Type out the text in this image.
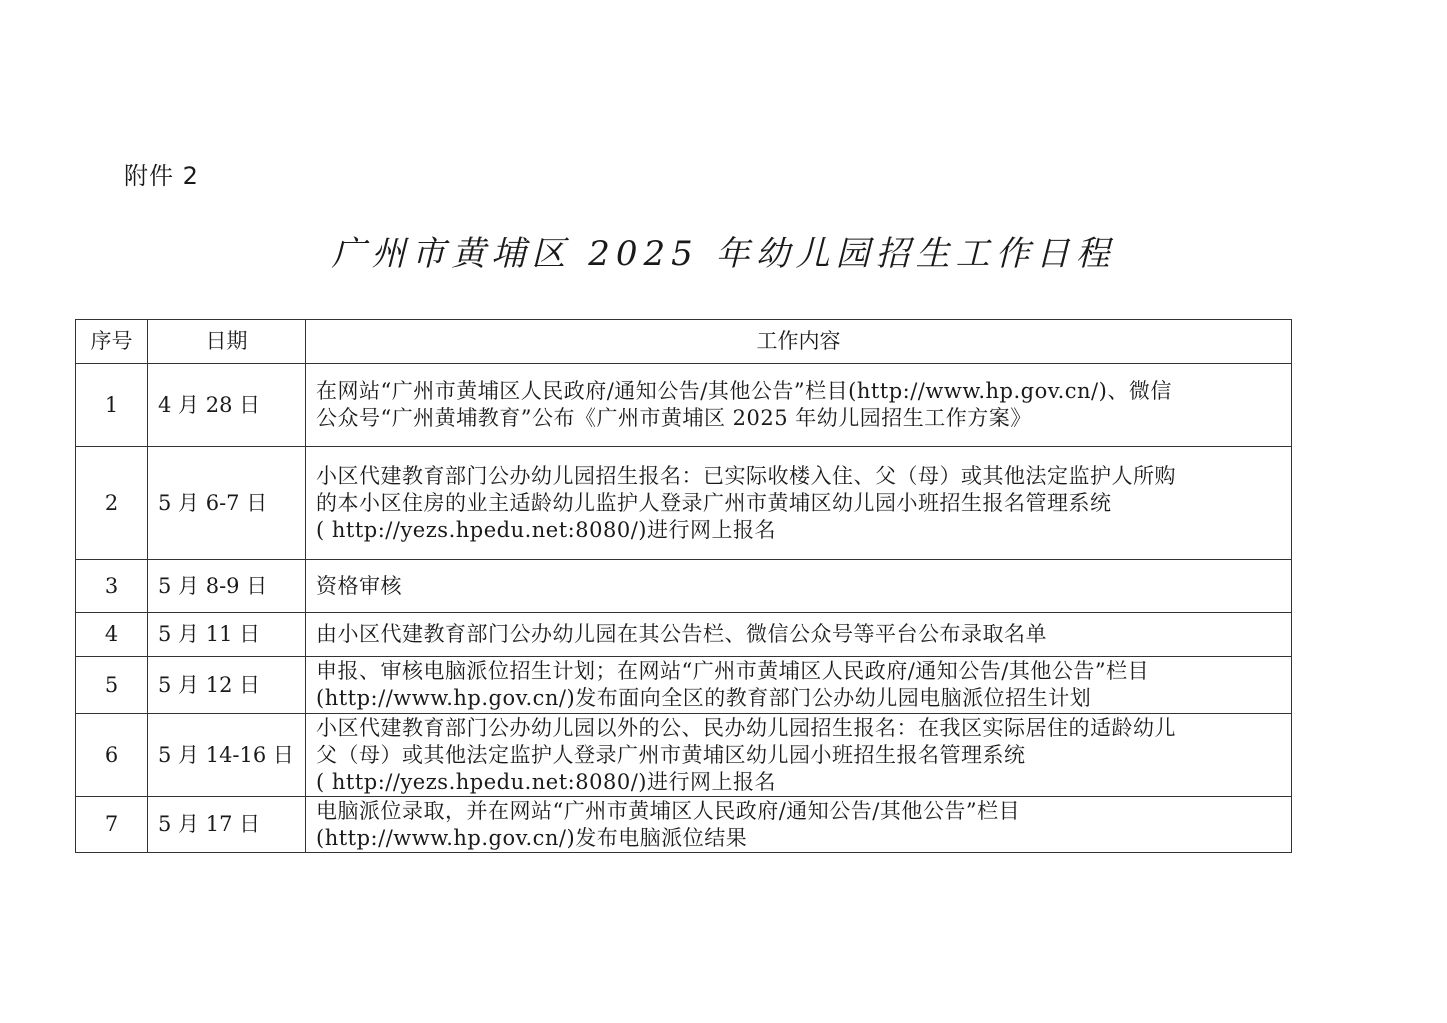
附件 2
广州市黄埔区 2025 年幼儿园招生工作日程
序号	日期	工作内容
1	4 月 28 日	在网站“广州市黄埔区人民政府/通知公告/其他公告”栏目(http://www.hp.gov.cn/)、微信
公众号“广州黄埔教育”公布《广州市黄埔区 2025 年幼儿园招生工作方案》

2	5 月 6-7 日	小区代建教育部门公办幼儿园招生报名：已实际收楼入住、父（母）或其他法定监护人所购
的本小区住房的业主适龄幼儿监护人登录广州市黄埔区幼儿园小班招生报名管理系统
( http://yezs.hpedu.net:8080/)进行网上报名

3	5 月 8-9 日	资格审核

4	5 月 11 日	由小区代建教育部门公办幼儿园在其公告栏、微信公众号等平台公布录取名单

5	5 月 12 日	申报、审核电脑派位招生计划；在网站“广州市黄埔区人民政府/通知公告/其他公告”栏目
(http://www.hp.gov.cn/)发布面向全区的教育部门公办幼儿园电脑派位招生计划

6	5 月 14-16 日	小区代建教育部门公办幼儿园以外的公、民办幼儿园招生报名：在我区实际居住的适龄幼儿
父（母）或其他法定监护人登录广州市黄埔区幼儿园小班招生报名管理系统
( http://yezs.hpedu.net:8080/)进行网上报名

7	5 月 17 日	电脑派位录取，并在网站“广州市黄埔区人民政府/通知公告/其他公告”栏目
(http://www.hp.gov.cn/)发布电脑派位结果
